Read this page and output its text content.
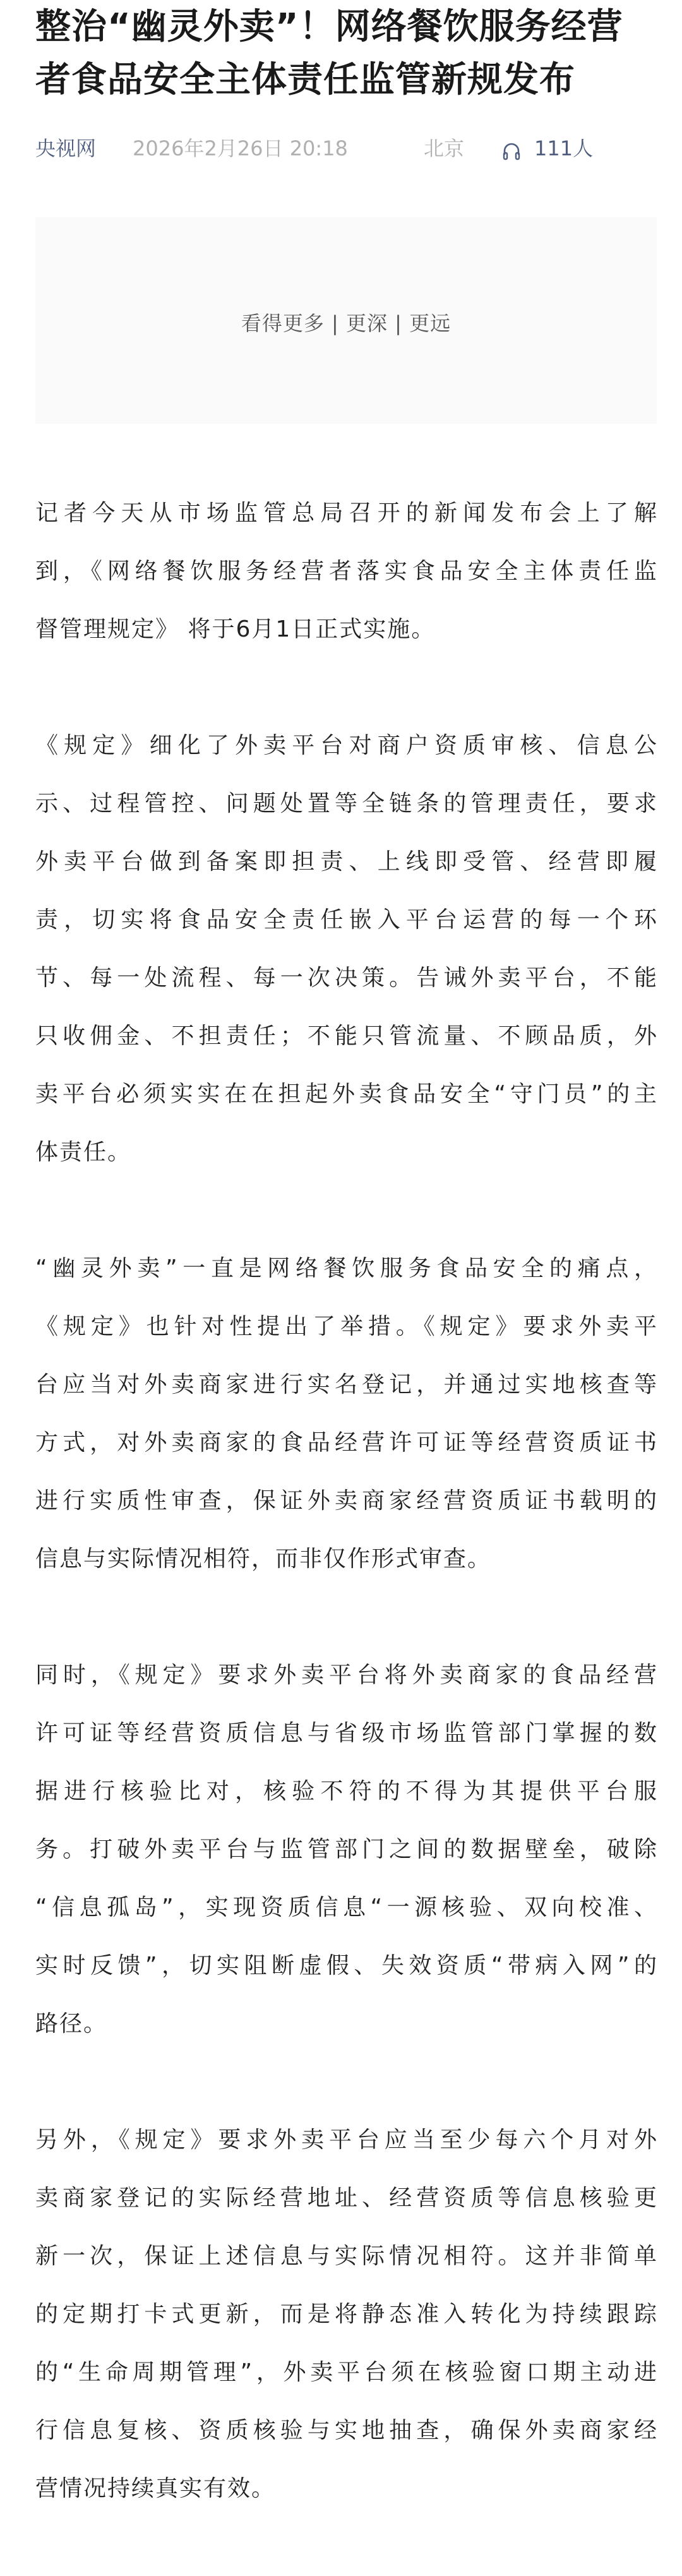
整治“幽灵外卖”！网络餐饮服务经营
者食品安全主体责任监管新规发布
央视网 2026年2月26日 20:18	北京	111人
看得更多 | 更深 | 更远

记者今天从市场监管总局召开的新闻发布会上了解
到，《网络餐饮服务经营者落实食品安全主体责任监
督管理规定》 将于6月1日正式实施。

《规定》细化了外卖平台对商户资质审核、信息公
示、过程管控、问题处置等全链条的管理责任，要求
外卖平台做到备案即担责、上线即受管、经营即履
责，切实将食品安全责任嵌入平台运营的每一个环
节、每一处流程、每一次决策。告诫外卖平台，不能
只收佣金、不担责任；不能只管流量、不顾品质，外
卖平台必须实实在在担起外卖食品安全“守门员”的主
体责任。

“幽灵外卖”一直是网络餐饮服务食品安全的痛点，
《规定》也针对性提出了举措。《规定》要求外卖平
台应当对外卖商家进行实名登记，并通过实地核查等
方式，对外卖商家的食品经营许可证等经营资质证书
进行实质性审查，保证外卖商家经营资质证书载明的
信息与实际情况相符，而非仅作形式审查。

同时，《规定》要求外卖平台将外卖商家的食品经营
许可证等经营资质信息与省级市场监管部门掌握的数
据进行核验比对，核验不符的不得为其提供平台服
务。打破外卖平台与监管部门之间的数据壁垒，破除
“信息孤岛”，实现资质信息“一源核验、双向校准、
实时反馈”，切实阻断虚假、失效资质“带病入网”的
路径。

另外，《规定》要求外卖平台应当至少每六个月对外
卖商家登记的实际经营地址、经营资质等信息核验更
新一次，保证上述信息与实际情况相符。这并非简单
的定期打卡式更新，而是将静态准入转化为持续跟踪
的“生命周期管理”，外卖平台须在核验窗口期主动进
行信息复核、资质核验与实地抽查，确保外卖商家经
营情况持续真实有效。
